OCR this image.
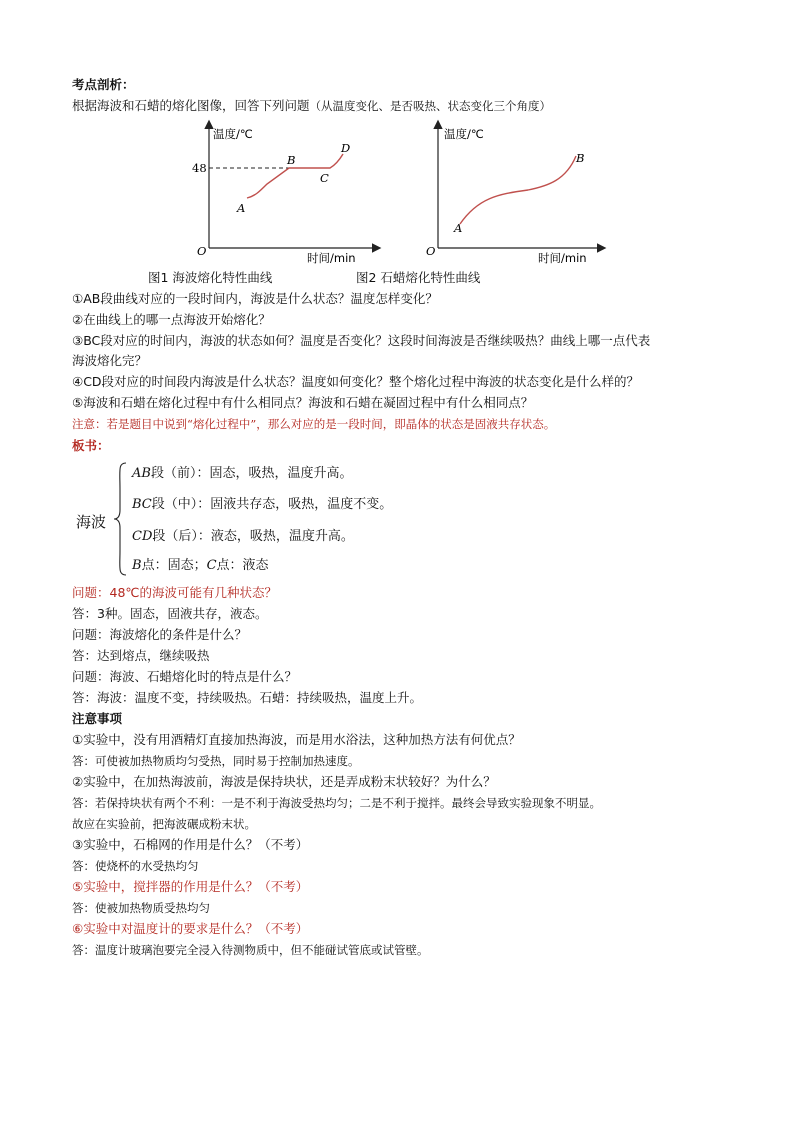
考点剖析：
根据海波和石蜡的熔化图像，回答下列问题（从温度变化、是否吸热、状态变化三个角度）
温度/℃
时间/min
O
48
A
B
C
D
温度/℃
时间/min
O
A
B
图1 海波熔化特性曲线	图2 石蜡熔化特性曲线
①AB段曲线对应的一段时间内，海波是什么状态？温度怎样变化？
②在曲线上的哪一点海波开始熔化？
③BC段对应的时间内，海波的状态如何？温度是否变化？这段时间海波是否继续吸热？曲线上哪一点代表
海波熔化完？
④CD段对应的时间段内海波是什么状态？温度如何变化？整个熔化过程中海波的状态变化是什么样的？
⑤海波和石蜡在熔化过程中有什么相同点？海波和石蜡在凝固过程中有什么相同点？
注意：若是题目中说到“熔化过程中”，那么对应的是一段时间，即晶体的状态是固液共存状态。
板书：
海波
AB段（前）：固态，吸热，温度升高。
BC段（中）：固液共存态，吸热，温度不变。
CD段（后）：液态，吸热，温度升高。
B点：固态；C点：液态
问题：48℃的海波可能有几种状态？
答：3种。固态，固液共存，液态。
问题：海波熔化的条件是什么？
答：达到熔点，继续吸热
问题：海波、石蜡熔化时的特点是什么？
答：海波：温度不变，持续吸热。石蜡：持续吸热，温度上升。
注意事项
①实验中，没有用酒精灯直接加热海波，而是用水浴法，这种加热方法有何优点？
答：可使被加热物质均匀受热，同时易于控制加热速度。
②实验中，在加热海波前，海波是保持块状，还是弄成粉末状较好？为什么？
答：若保持块状有两个不利：一是不利于海波受热均匀；二是不利于搅拌。最终会导致实验现象不明显。
故应在实验前，把海波碾成粉末状。
③实验中，石棉网的作用是什么？（不考）
答：使烧杯的水受热均匀
⑤实验中，搅拌器的作用是什么？（不考）
答：使被加热物质受热均匀
⑥实验中对温度计的要求是什么？（不考）
答：温度计玻璃泡要完全浸入待测物质中，但不能碰试管底或试管壁。
